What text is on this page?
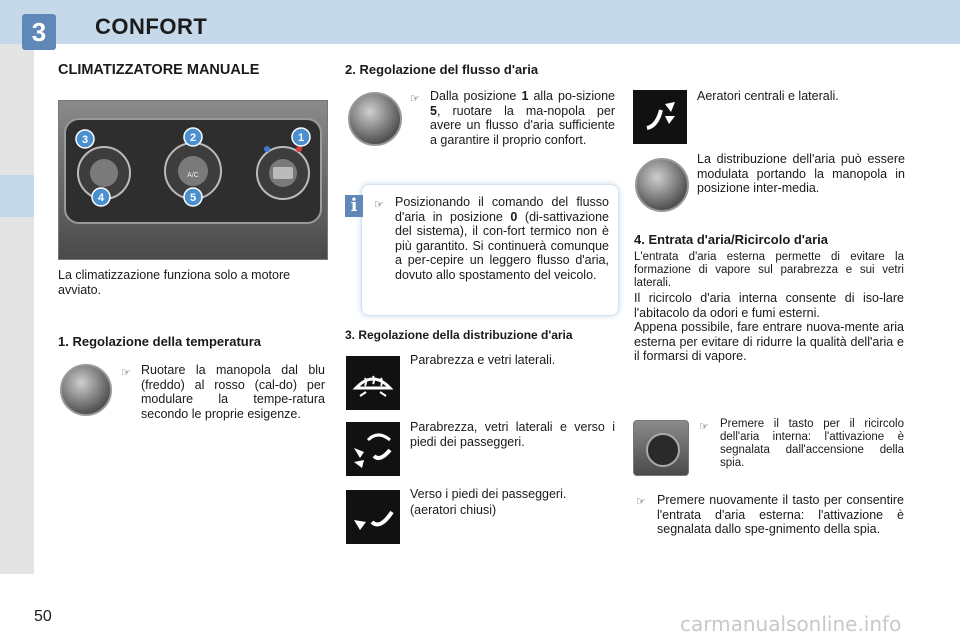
3	CONFORT
CLIMATIZZATORE MANUALE
A/C
3	2	1
4	5
La climatizzazione funziona solo a motore avviato.
1. Regolazione della temperatura
☞ Ruotare la manopola dal blu (freddo) al rosso (cal-do) per modulare la tempe-ratura secondo le proprie esigenze.
2. Regolazione del flusso d'aria
☞ Dalla posizione 1 alla po-sizione 5, ruotare la ma-nopola per avere un flusso d'aria sufficiente a garantire il proprio confort.
i	☞ Posizionando il comando del flusso d'aria in posizione 0 (di-sattivazione del sistema), il con-fort termico non è più garantito. Si continuerà comunque a per-cepire un leggero flusso d'aria, dovuto allo spostamento del veicolo.
3. Regolazione della distribuzione d'aria
Parabrezza e vetri laterali.
Parabrezza, vetri laterali e verso i piedi dei passeggeri.
Verso i piedi dei passeggeri.
(aeratori chiusi)
Aeratori centrali e laterali.
La distribuzione dell'aria può essere modulata portando la manopola in posizione inter-media.
4. Entrata d'aria/Ricircolo d'aria
L'entrata d'aria esterna permette di evitare la formazione di vapore sul parabrezza e sui vetri laterali.
Il ricircolo d'aria interna consente di iso-lare l'abitacolo da odori e fumi esterni.
Appena possibile, fare entrare nuova-mente aria esterna per evitare di ridurre la qualità dell'aria e il formarsi di vapore.
☞ Premere il tasto per il ricircolo dell'aria interna: l'attivazione è segnalata dall'accensione della spia.
☞ Premere nuovamente il tasto per consentire l'entrata d'aria esterna: l'attivazione è segnalata dallo spe-gnimento della spia.
50	carmanualsonline.info
